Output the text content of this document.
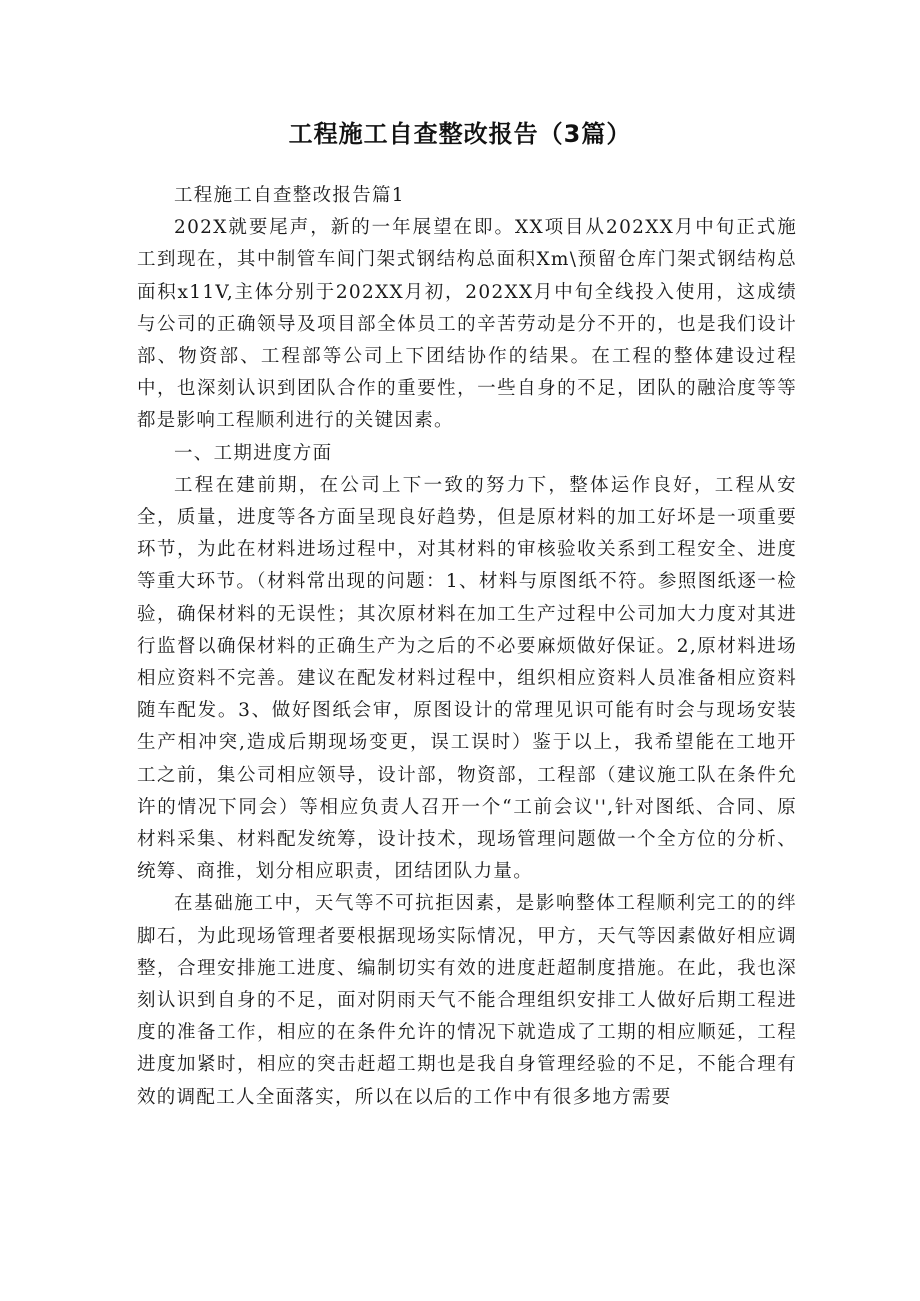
工程施工自查整改报告（3篇）

工程施工自查整改报告篇1

202X就要尾声，新的一年展望在即。XX项目从202XX月中旬正式施工到现在，其中制管车间门架式钢结构总面积Xm\预留仓库门架式钢结构总面积x11V,主体分别于202XX月初，202XX月中旬全线投入使用，这成绩与公司的正确领导及项目部全体员工的辛苦劳动是分不开的，也是我们设计部、物资部、工程部等公司上下团结协作的结果。在工程的整体建设过程中，也深刻认识到团队合作的重要性，一些自身的不足，团队的融洽度等等都是影响工程顺利进行的关键因素。

一、工期进度方面

工程在建前期，在公司上下一致的努力下，整体运作良好，工程从安全，质量，进度等各方面呈现良好趋势，但是原材料的加工好坏是一项重要环节，为此在材料进场过程中，对其材料的审核验收关系到工程安全、进度等重大环节。（材料常出现的问题：1、材料与原图纸不符。参照图纸逐一检验，确保材料的无误性；其次原材料在加工生产过程中公司加大力度对其进行监督以确保材料的正确生产为之后的不必要麻烦做好保证。2,原材料进场相应资料不完善。建议在配发材料过程中，组织相应资料人员准备相应资料随车配发。3、做好图纸会审，原图设计的常理见识可能有时会与现场安装生产相冲突,造成后期现场变更，误工误时）鉴于以上，我希望能在工地开工之前，集公司相应领导，设计部，物资部，工程部（建议施工队在条件允许的情况下同会）等相应负责人召开一个“工前会议'',针对图纸、合同、原材料采集、材料配发统筹，设计技术，现场管理问题做一个全方位的分析、统筹、商推，划分相应职责，团结团队力量。

在基础施工中，天气等不可抗拒因素，是影响整体工程顺利完工的的绊脚石，为此现场管理者要根据现场实际情况，甲方，天气等因素做好相应调整，合理安排施工进度、编制切实有效的进度赶超制度措施。在此，我也深刻认识到自身的不足，面对阴雨天气不能合理组织安排工人做好后期工程进度的准备工作，相应的在条件允许的情况下就造成了工期的相应顺延，工程进度加紧时，相应的突击赶超工期也是我自身管理经验的不足，不能合理有效的调配工人全面落实，所以在以后的工作中有很多地方需要
